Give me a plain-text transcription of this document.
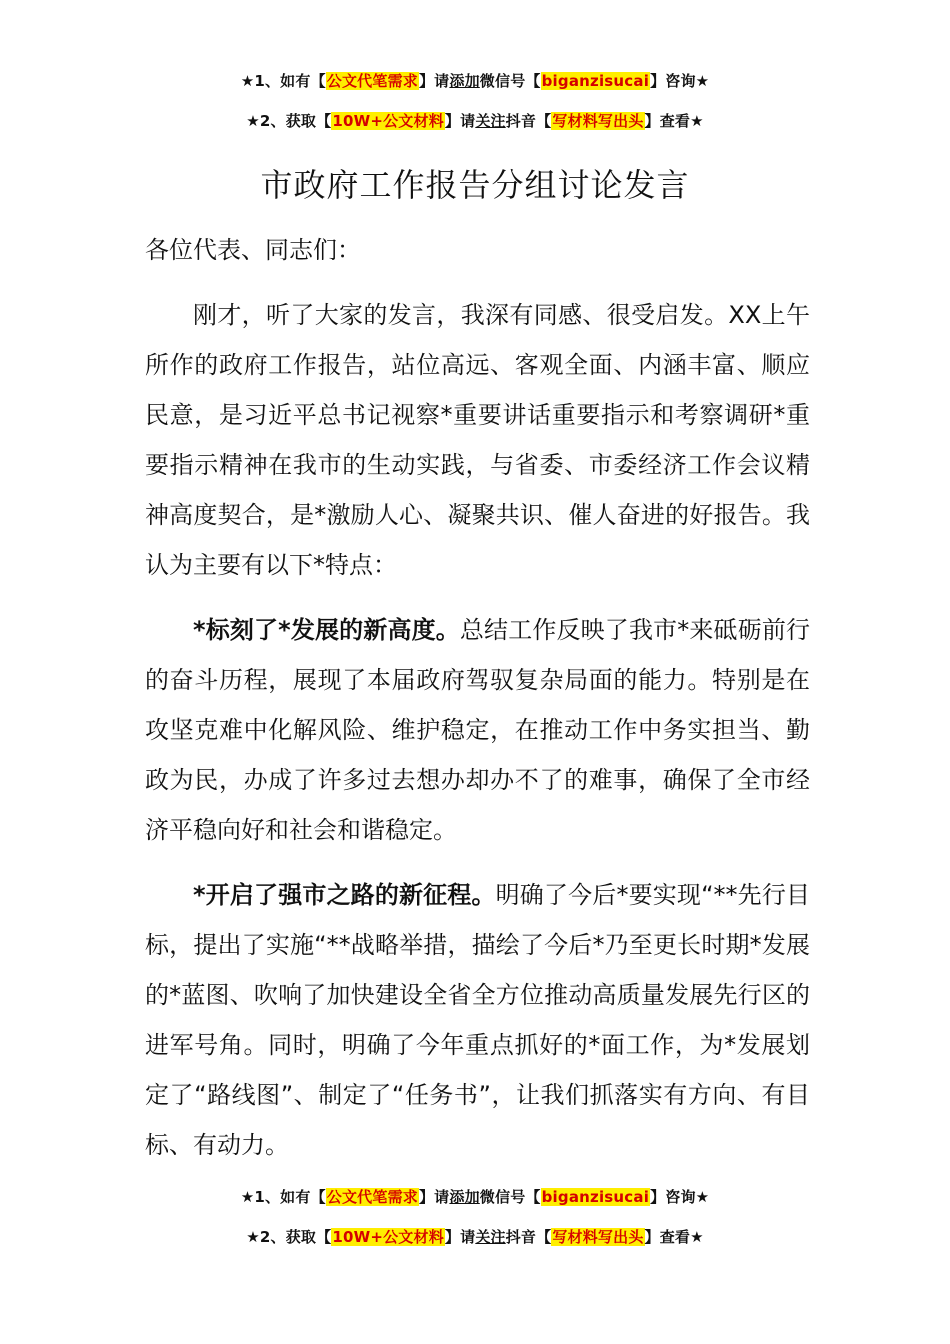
★1、如有【公文代笔需求】请添加微信号【biganzisucai】咨询★
★2、获取【10W+公文材料】请关注抖音【写材料写出头】查看★
市政府工作报告分组讨论发言
各位代表、同志们：

刚才，听了大家的发言，我深有同感、很受启发。XX上午所作的政府工作报告，站位高远、客观全面、内涵丰富、顺应民意，是习近平总书记视察*重要讲话重要指示和考察调研*重要指示精神在我市的生动实践，与省委、市委经济工作会议精神高度契合，是*激励人心、凝聚共识、催人奋进的好报告。我认为主要有以下*特点：

*标刻了*发展的新高度。总结工作反映了我市*来砥砺前行的奋斗历程，展现了本届政府驾驭复杂局面的能力。特别是在攻坚克难中化解风险、维护稳定，在推动工作中务实担当、勤政为民，办成了许多过去想办却办不了的难事，确保了全市经济平稳向好和社会和谐稳定。

*开启了强市之路的新征程。明确了今后*要实现“**先行目标，提出了实施“**战略举措，描绘了今后*乃至更长时期*发展的*蓝图、吹响了加快建设全省全方位推动高质量发展先行区的进军号角。同时，明确了今年重点抓好的*面工作，为*发展划定了“路线图”、制定了“任务书”，让我们抓落实有方向、有目标、有动力。

★1、如有【公文代笔需求】请添加微信号【biganzisucai】咨询★
★2、获取【10W+公文材料】请关注抖音【写材料写出头】查看★
